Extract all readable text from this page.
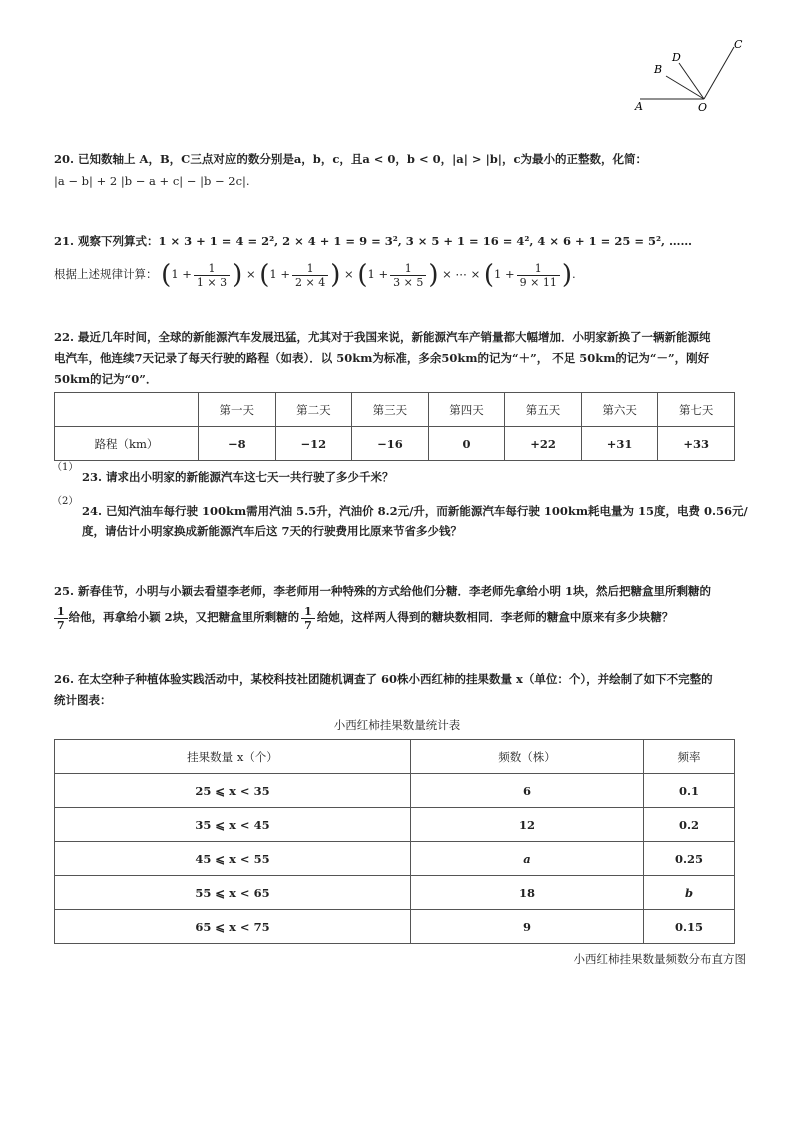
A
B
D
C
O
20. 已知数轴上 A，B，C三点对应的数分别是a，b，c，且a < 0，b < 0，|a| > |b|，c为最小的正整数，化简：
|a − b| + 2 |b − a + c| − |b − 2c|.
21. 观察下列算式：1 × 3 + 1 = 4 = 2², 2 × 4 + 1 = 9 = 3², 3 × 5 + 1 = 16 = 4², 4 × 6 + 1 = 25 = 5², ……
根据上述规律计算： ($1 + \frac{1}{1 \times 3}$ ) × ($1 + \frac{1}{2 \times 4}$ ) × ($1 + \frac{1}{3 \times 5}$ ) × ⋯ × ($1 + \frac{1}{9 \times 11}$ ).
22. 最近几年时间，全球的新能源汽车发展迅猛，尤其对于我国来说，新能源汽车产销量都大幅增加．小明家新换了一辆新能源纯
电汽车，他连续7天记录了每天行驶的路程（如表）．以 50km为标准，多余50km的记为“＋”， 不足 50km的记为“－”，刚好
50km的记为“0”．
	第一天	第二天	第三天	第四天	第五天	第六天	第七天
路程（km）	−8	−12	−16	0	+22	+31	+33
（1）
23. 请求出小明家的新能源汽车这七天一共行驶了多少千米？
（2）
24. 已知汽油车每行驶 100km需用汽油 5.5升，汽油价 8.2元/升，而新能源汽车每行驶 100km耗电量为 15度，电费 0.56元/
度，请估计小明家换成新能源汽车后这 7天的行驶费用比原来节省多少钱？
25. 新春佳节，小明与小颖去看望李老师，李老师用一种特殊的方式给他们分糖．李老师先拿给小明 1块，然后把糖盒里所剩糖的
$\frac{1}{7}$ 给他，再拿给小颖 2块，又把糖盒里所剩糖的 $\frac{1}{7}$ 给她，这样两人得到的糖块数相同．李老师的糖盒中原来有多少块糖？
26. 在太空种子种植体验实践活动中，某校科技社团随机调查了 60株小西红柿的挂果数量 x（单位：个），并绘制了如下不完整的
统计图表：
小西红柿挂果数量统计表
挂果数量 x（个）	频数（株）	频率
25 ⩽ x < 35	6	0.1
35 ⩽ x < 45	12	0.2
45 ⩽ x < 55	a	0.25
55 ⩽ x < 65	18	b
65 ⩽ x < 75	9	0.15
小西红柿挂果数量频数分布直方图
